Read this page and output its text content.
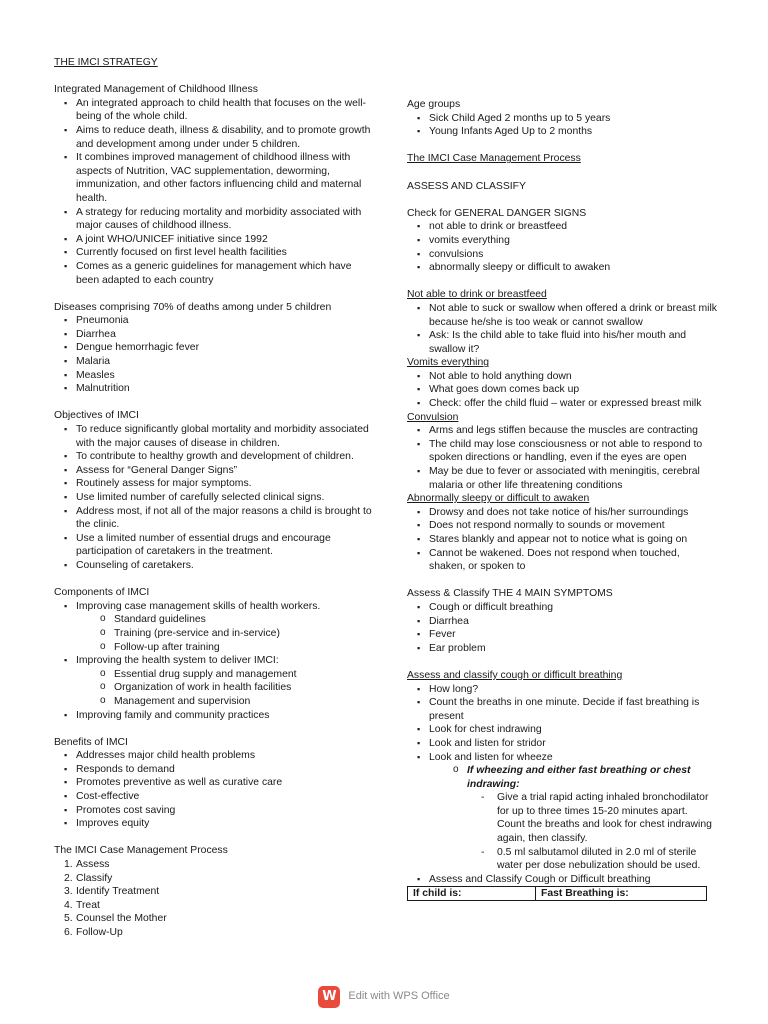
THE IMCI STRATEGY
Integrated Management of Childhood Illness
▪ An integrated approach to child health that focuses on the well-being of the whole child.
▪ Aims to reduce death, illness & disability, and to promote growth and development among under under 5 children.
▪ It combines improved management of childhood illness with aspects of Nutrition, VAC supplementation, deworming, immunization, and other factors influencing child and maternal health.
▪ A strategy for reducing mortality and morbidity associated with major causes of childhood illness.
▪ A joint WHO/UNICEF initiative since 1992
▪ Currently focused on first level health facilities
▪ Comes as a generic guidelines for management which have been adapted to each country
Diseases comprising 70% of deaths among under 5 children
▪ Pneumonia
▪ Diarrhea
▪ Dengue hemorrhagic fever
▪ Malaria
▪ Measles
▪ Malnutrition
Objectives of IMCI
▪ To reduce significantly global mortality and morbidity associated with the major causes of disease in children.
▪ To contribute to healthy growth and development of children.
▪ Assess for “General Danger Signs”
▪ Routinely assess for major symptoms.
▪ Use limited number of carefully selected clinical signs.
▪ Address most, if not all of the major reasons a child is brought to the clinic.
▪ Use a limited number of essential drugs and encourage participation of caretakers in the treatment.
▪ Counseling of caretakers.
Components of IMCI
▪ Improving case management skills of health workers.
o Standard guidelines
o Training (pre-service and in-service)
o Follow-up after training
▪ Improving the health system to deliver IMCI:
o Essential drug supply and management
o Organization of work in health facilities
o Management and supervision
▪ Improving family and community practices
Benefits of IMCI
▪ Addresses major child health problems
▪ Responds to demand
▪ Promotes preventive as well as curative care
▪ Cost-effective
▪ Promotes cost saving
▪ Improves equity
The IMCI Case Management Process
1. Assess
2. Classify
3. Identify Treatment
4. Treat
5. Counsel the Mother
6. Follow-Up
Age groups
▪ Sick Child Aged 2 months up to 5 years
▪ Young Infants Aged Up to 2 months
The IMCI Case Management Process
ASSESS AND CLASSIFY
Check for GENERAL DANGER SIGNS
▪ not able to drink or breastfeed
▪ vomits everything
▪ convulsions
▪ abnormally sleepy or difficult to awaken
Not able to drink or breastfeed
▪ Not able to suck or swallow when offered a drink or breast milk because he/she is too weak or cannot swallow
▪ Ask: Is the child able to take fluid into his/her mouth and swallow it?
Vomits everything
▪ Not able to hold anything down
▪ What goes down comes back up
▪ Check: offer the child fluid – water or expressed breast milk
Convulsion
▪ Arms and legs stiffen because the muscles are contracting
▪ The child may lose consciousness or not able to respond to spoken directions or handling, even if the eyes are open
▪ May be due to fever or associated with meningitis, cerebral malaria or other life threatening conditions
Abnormally sleepy or difficult to awaken
▪ Drowsy and does not take notice of his/her surroundings
▪ Does not respond normally to sounds or movement
▪ Stares blankly and appear not to notice what is going on
▪ Cannot be wakened. Does not respond when touched, shaken, or spoken to
Assess & Classify THE 4 MAIN SYMPTOMS
▪ Cough or difficult breathing
▪ Diarrhea
▪ Fever
▪ Ear problem
Assess and classify cough or difficult breathing
▪ How long?
▪ Count the breaths in one minute. Decide if fast breathing is present
▪ Look for chest indrawing
▪ Look and listen for stridor
▪ Look and listen for wheeze
o If wheezing and either fast breathing or chest indrawing:
- Give a trial rapid acting inhaled bronchodilator for up to three times 15-20 minutes apart. Count the breaths and look for chest indrawing again, then classify.
- 0.5 ml salbutamol diluted in 2.0 ml of sterile water per dose nebulization should be used.
▪ Assess and Classify Cough or Difficult breathing
If child is:	Fast Breathing is:
W	Edit with WPS Office
